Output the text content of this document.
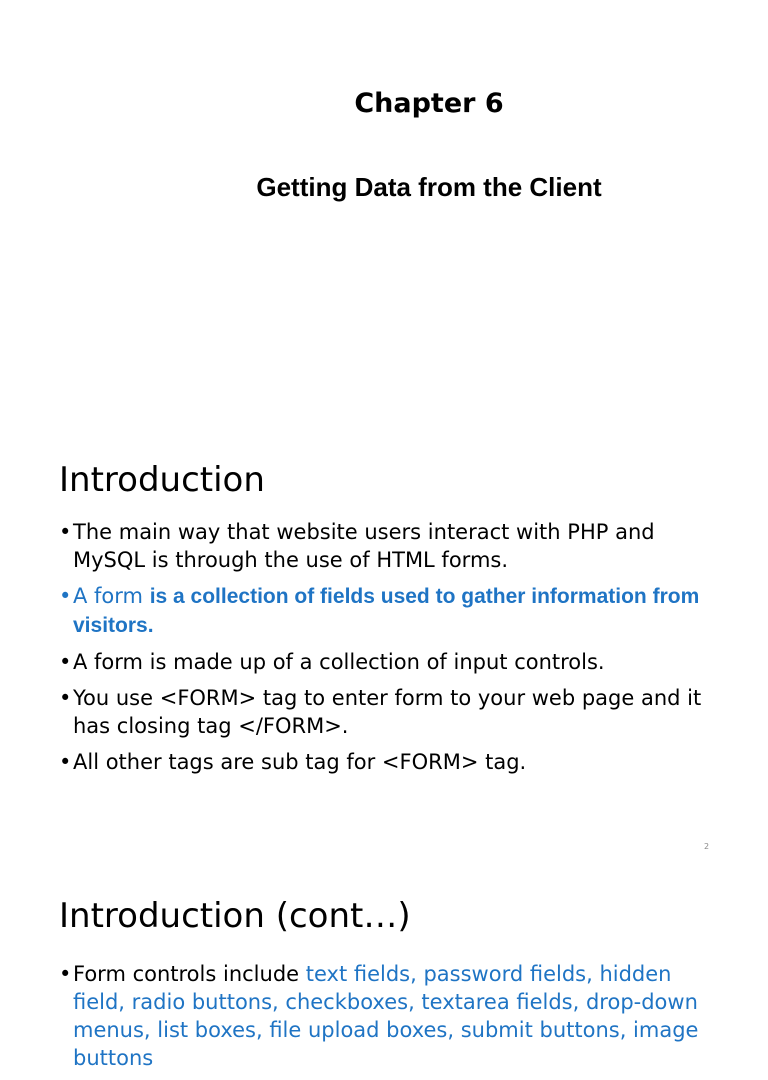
Chapter 6
Getting Data from the Client
Introduction
• The main way that website users interact with PHP and MySQL is through the use of HTML forms.
• A form is a collection of fields used to gather information from visitors.
• A form is made up of a collection of input controls.
• You use <FORM> tag to enter form to your web page and it has closing tag </FORM>.
• All other tags are sub tag for <FORM> tag.
2
Introduction (cont…)
• Form controls include text fields, password fields, hidden field, radio buttons, checkboxes, textarea fields, drop-down menus, list boxes, file upload boxes, submit buttons, image buttons
